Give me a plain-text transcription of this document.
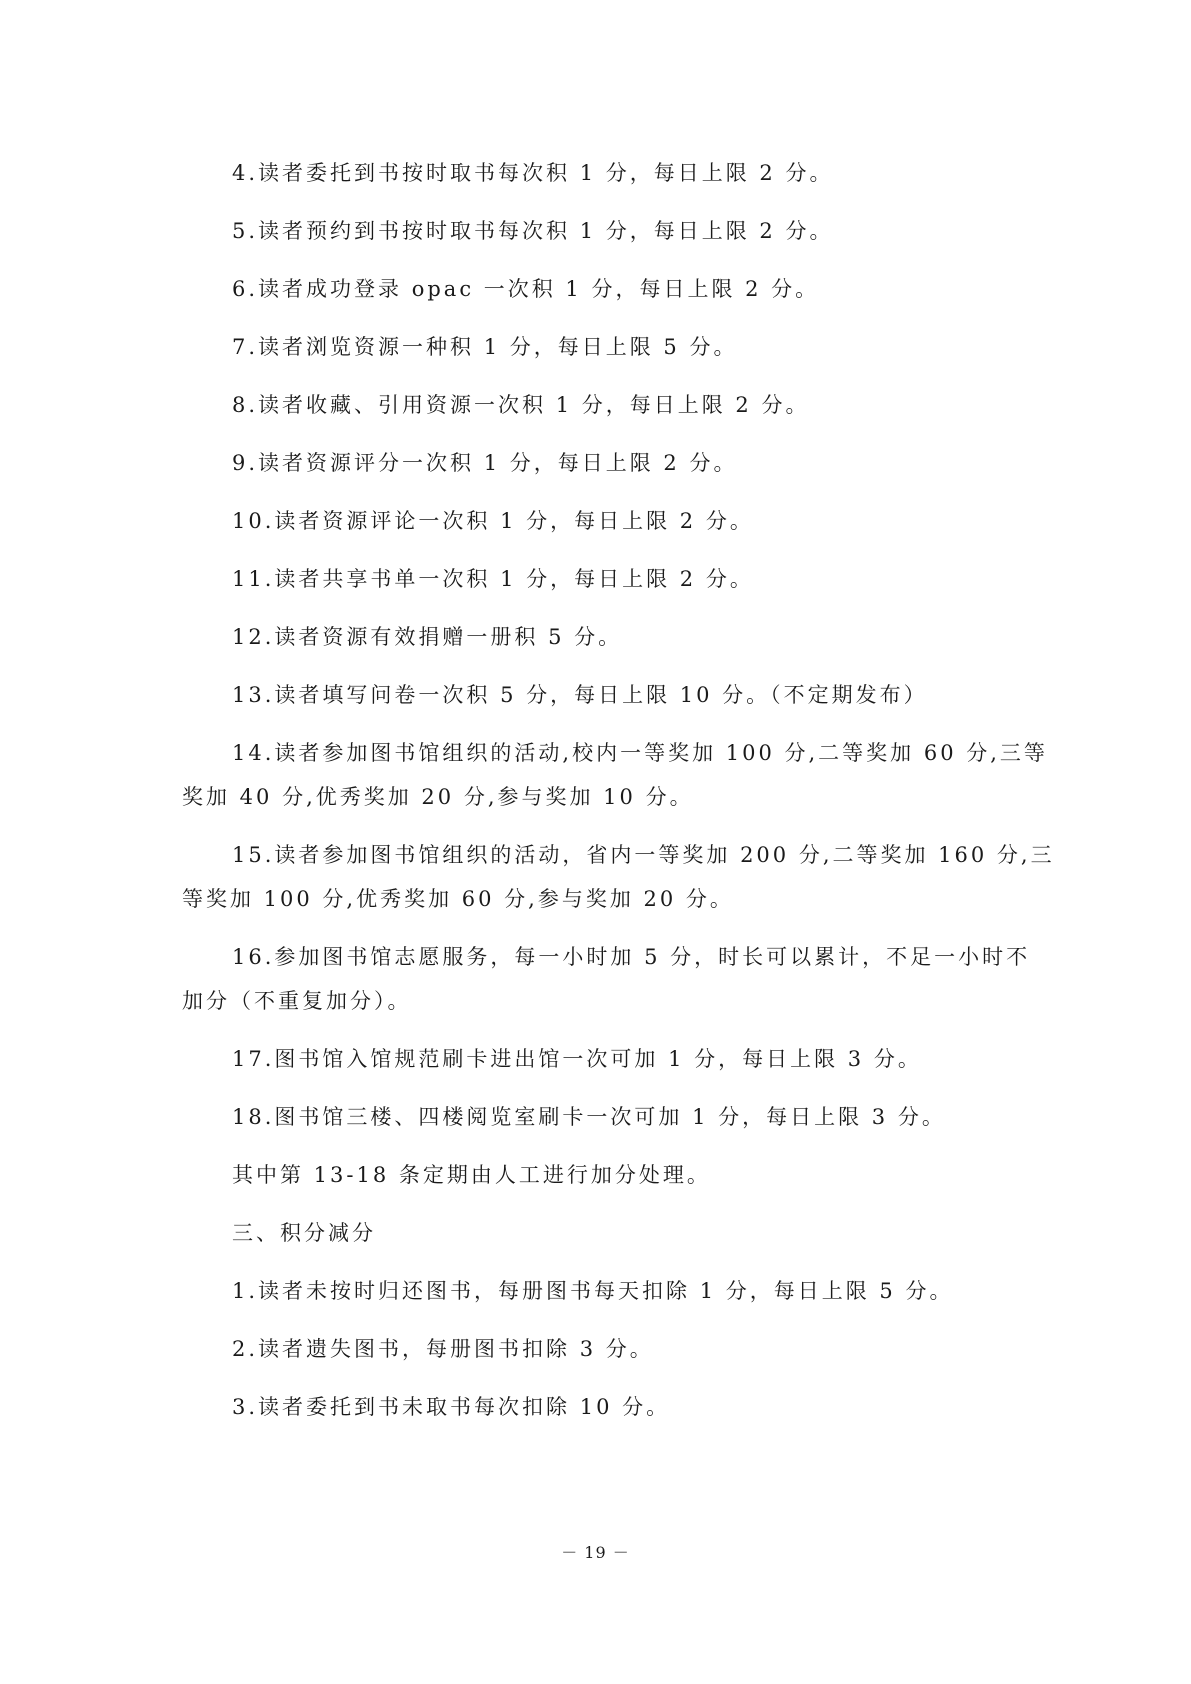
4.读者委托到书按时取书每次积 1 分，每日上限 2 分。
5.读者预约到书按时取书每次积 1 分，每日上限 2 分。
6.读者成功登录 opac 一次积 1 分，每日上限 2 分。
7.读者浏览资源一种积 1 分，每日上限 5 分。
8.读者收藏、引用资源一次积 1 分，每日上限 2 分。
9.读者资源评分一次积 1 分，每日上限 2 分。
10.读者资源评论一次积 1 分，每日上限 2 分。
11.读者共享书单一次积 1 分，每日上限 2 分。
12.读者资源有效捐赠一册积 5 分。
13.读者填写问卷一次积 5 分，每日上限 10 分。（不定期发布）
14.读者参加图书馆组织的活动,校内一等奖加 100 分,二等奖加 60 分,三等
奖加 40 分,优秀奖加 20 分,参与奖加 10 分。
15.读者参加图书馆组织的活动，省内一等奖加 200 分,二等奖加 160 分,三
等奖加 100 分,优秀奖加 60 分,参与奖加 20 分。
16.参加图书馆志愿服务，每一小时加 5 分，时长可以累计，不足一小时不
加分（不重复加分）。
17.图书馆入馆规范刷卡进出馆一次可加 1 分，每日上限 3 分。
18.图书馆三楼、四楼阅览室刷卡一次可加 1 分，每日上限 3 分。
其中第 13-18 条定期由人工进行加分处理。
三、积分减分
1.读者未按时归还图书，每册图书每天扣除 1 分，每日上限 5 分。
2.读者遗失图书，每册图书扣除 3 分。
3.读者委托到书未取书每次扣除 10 分。
－ 19 －
